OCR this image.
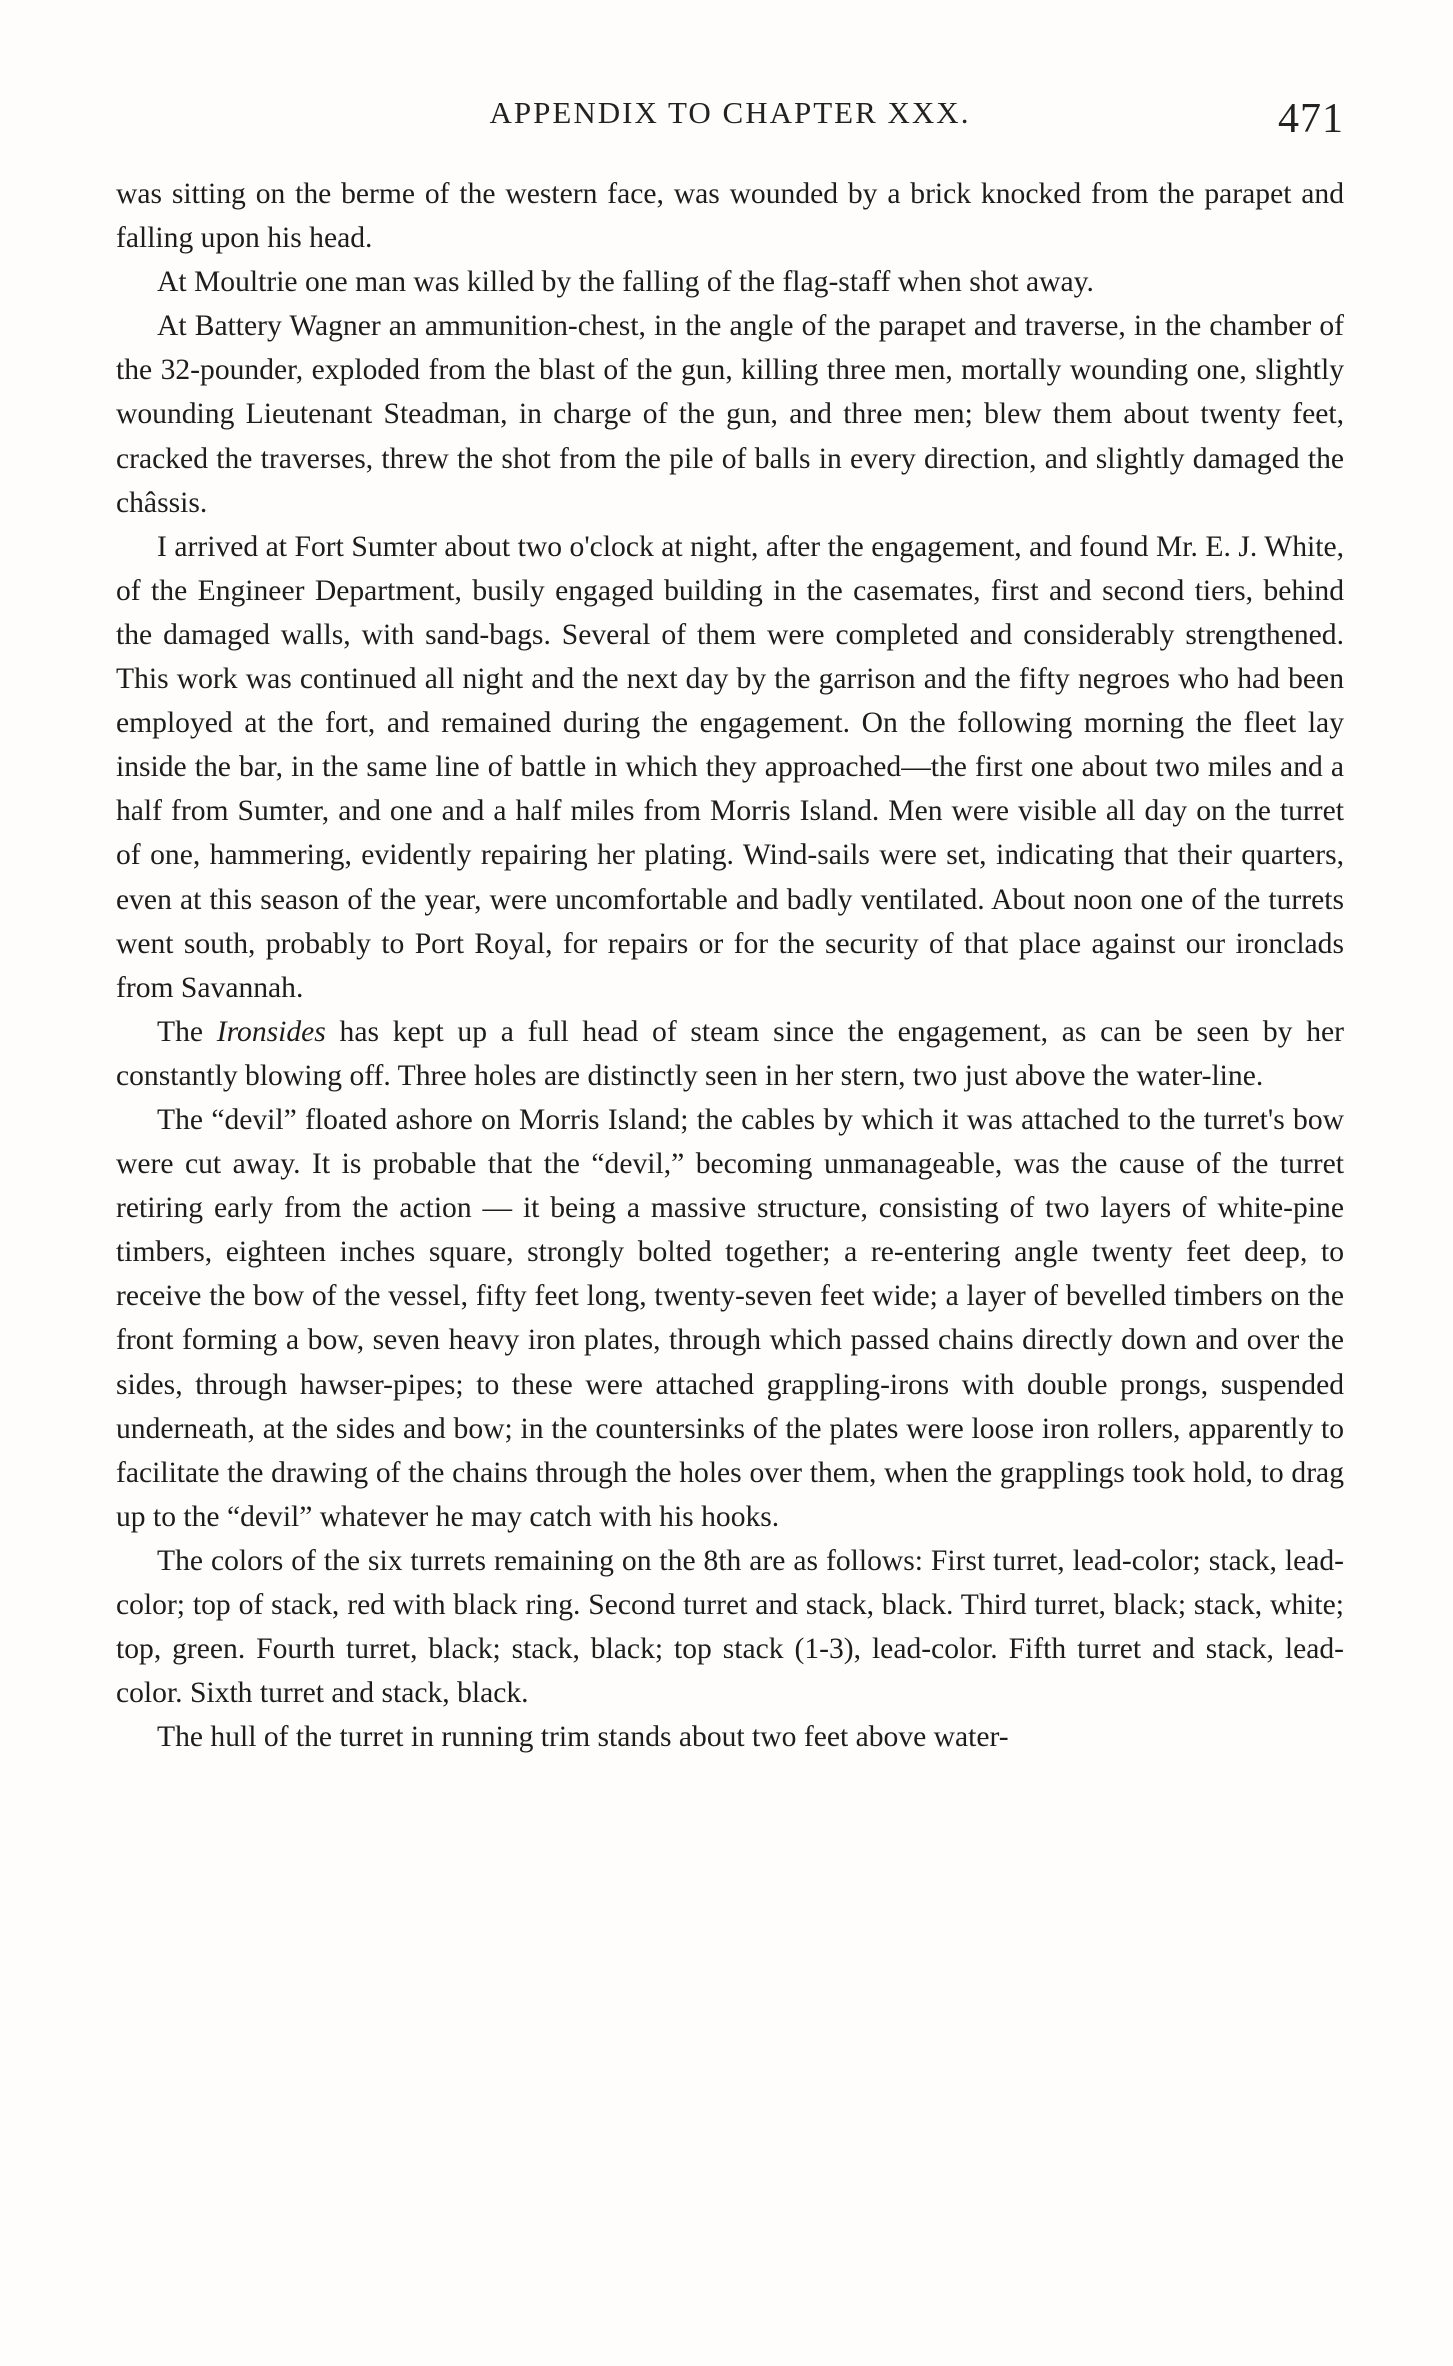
APPENDIX TO CHAPTER XXX.	471

was sitting on the berme of the western face, was wounded by a brick knocked from the parapet and falling upon his head.

At Moultrie one man was killed by the falling of the flag-staff when shot away.

At Battery Wagner an ammunition-chest, in the angle of the parapet and traverse, in the chamber of the 32-pounder, exploded from the blast of the gun, killing three men, mortally wounding one, slightly wounding Lieutenant Steadman, in charge of the gun, and three men; blew them about twenty feet, cracked the traverses, threw the shot from the pile of balls in every direction, and slightly damaged the châssis.

I arrived at Fort Sumter about two o'clock at night, after the engagement, and found Mr. E. J. White, of the Engineer Department, busily engaged building in the casemates, first and second tiers, behind the damaged walls, with sand-bags. Several of them were completed and considerably strengthened. This work was continued all night and the next day by the garrison and the fifty negroes who had been employed at the fort, and remained during the engagement. On the following morning the fleet lay inside the bar, in the same line of battle in which they approached—the first one about two miles and a half from Sumter, and one and a half miles from Morris Island. Men were visible all day on the turret of one, hammering, evidently repairing her plating. Wind-sails were set, indicating that their quarters, even at this season of the year, were uncomfortable and badly ventilated. About noon one of the turrets went south, probably to Port Royal, for repairs or for the security of that place against our ironclads from Savannah.

The Ironsides has kept up a full head of steam since the engagement, as can be seen by her constantly blowing off. Three holes are distinctly seen in her stern, two just above the water-line.

The “devil” floated ashore on Morris Island; the cables by which it was attached to the turret's bow were cut away. It is probable that the “devil,” becoming unmanageable, was the cause of the turret retiring early from the action — it being a massive structure, consisting of two layers of white-pine timbers, eighteen inches square, strongly bolted together; a re-entering angle twenty feet deep, to receive the bow of the vessel, fifty feet long, twenty-seven feet wide; a layer of bevelled timbers on the front forming a bow, seven heavy iron plates, through which passed chains directly down and over the sides, through hawser-pipes; to these were attached grappling-irons with double prongs, suspended underneath, at the sides and bow; in the countersinks of the plates were loose iron rollers, apparently to facilitate the drawing of the chains through the holes over them, when the grapplings took hold, to drag up to the “devil” whatever he may catch with his hooks.

The colors of the six turrets remaining on the 8th are as follows: First turret, lead-color; stack, lead-color; top of stack, red with black ring. Second turret and stack, black. Third turret, black; stack, white; top, green. Fourth turret, black; stack, black; top stack (1-3), lead-color. Fifth turret and stack, lead-color. Sixth turret and stack, black.

The hull of the turret in running trim stands about two feet above water-
